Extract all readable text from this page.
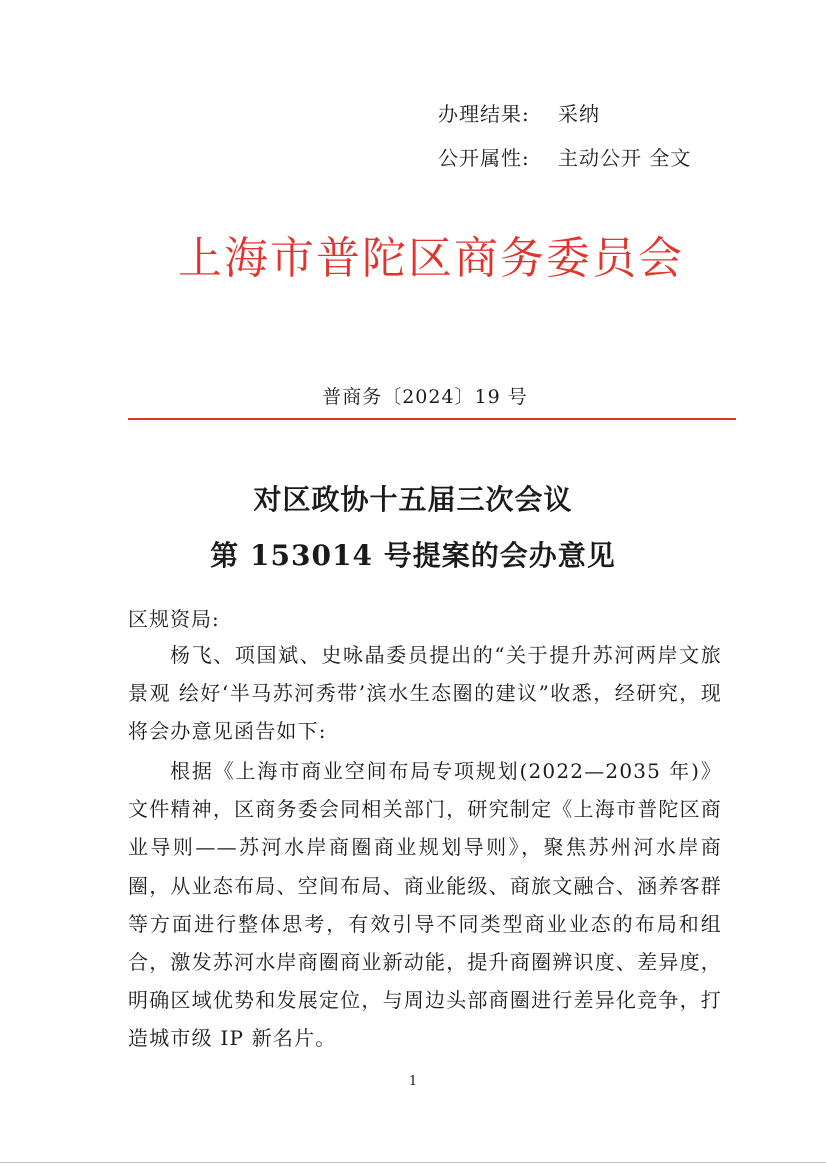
办理结果: 采纳
公开属性: 主动公开 全文
上海市普陀区商务委员会
普商务〔2024〕19 号
对区政协十五届三次会议
第 153014 号提案的会办意见
区规资局:

杨飞、项国斌、史咏晶委员提出的“关于提升苏河两岸文旅景观 绘好‘半马苏河秀带’滨水生态圈的建议”收悉，经研究，现将会办意见函告如下:

根据《上海市商业空间布局专项规划(2022—2035 年)》文件精神，区商务委会同相关部门，研究制定《上海市普陀区商业导则——苏河水岸商圈商业规划导则》，聚焦苏州河水岸商圈，从业态布局、空间布局、商业能级、商旅文融合、涵养客群等方面进行整体思考，有效引导不同类型商业业态的布局和组合，激发苏河水岸商圈商业新动能，提升商圈辨识度、差异度，明确区域优势和发展定位，与周边头部商圈进行差异化竞争，打造城市级 IP 新名片。

1
